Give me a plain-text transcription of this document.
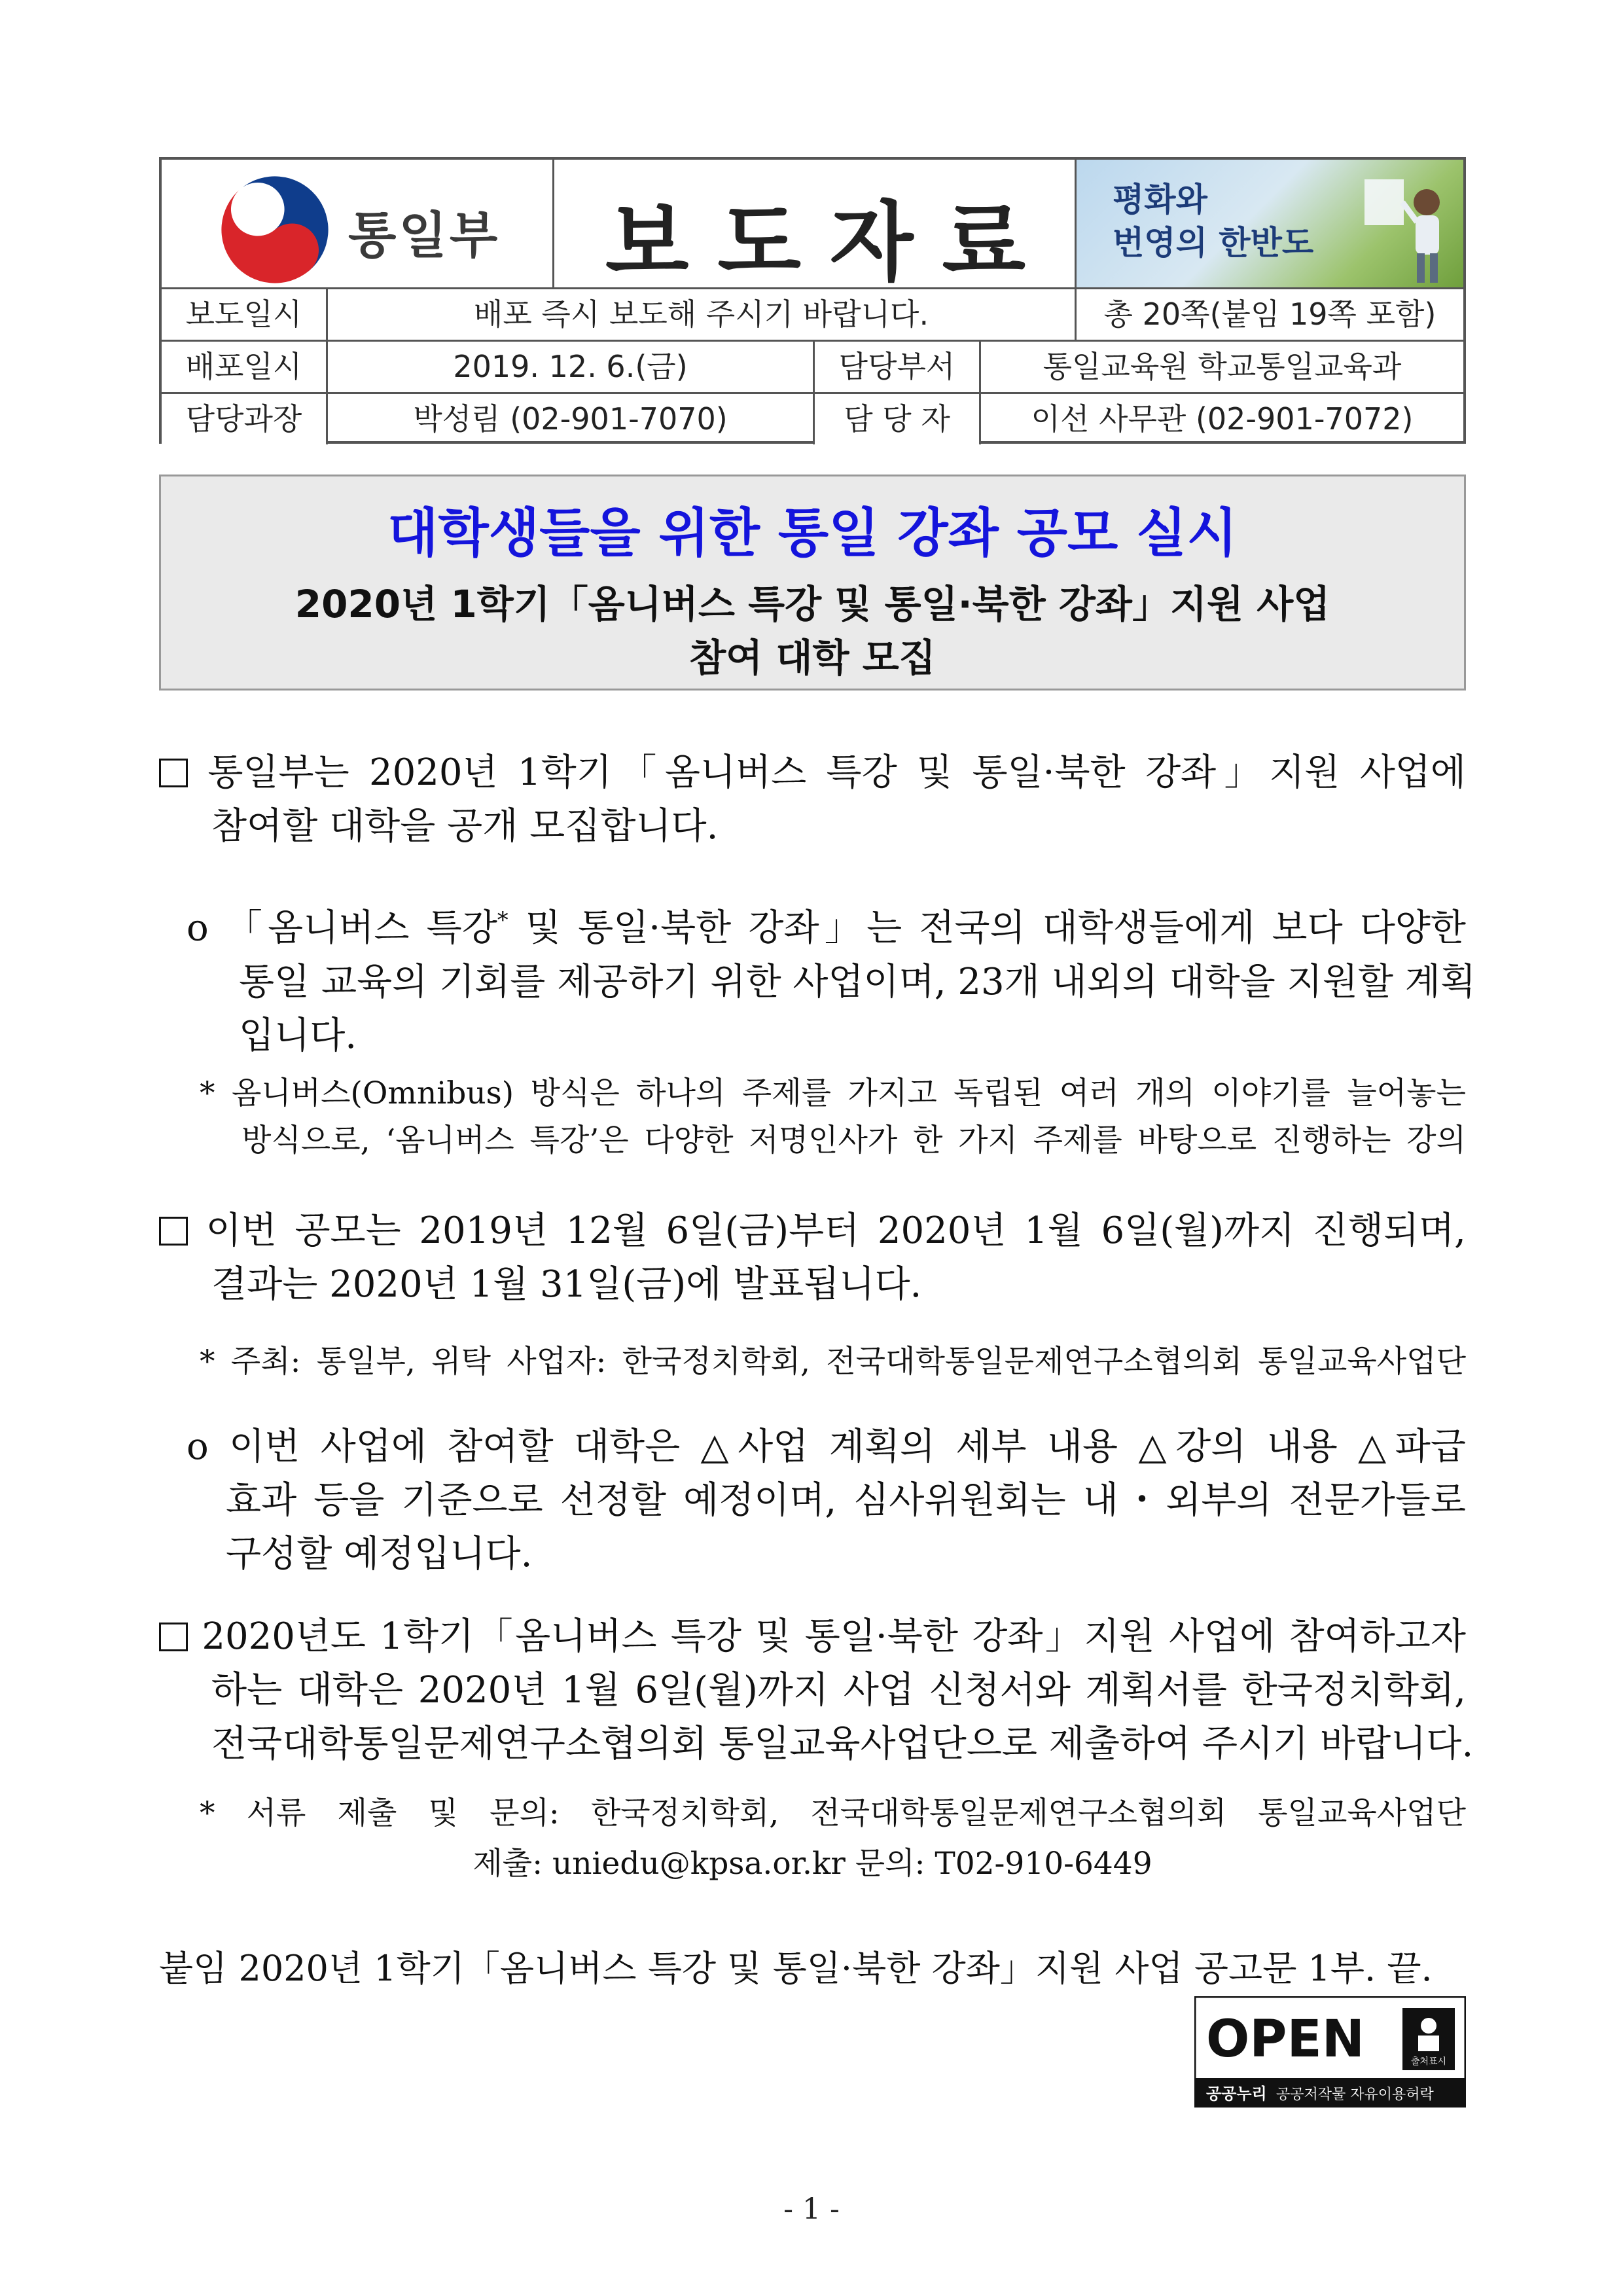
통일부	보도자료	평화와
번영의 한반도
보도일시	배포 즉시 보도해 주시기 바랍니다.	총 20쪽(붙임 19쪽 포함)
배포일시	2019. 12. 6.(금)	담당부서	통일교육원 학교통일교육과
담당과장	박성림 (02-901-7070)	담 당 자	이선 사무관 (02-901-7072)
대학생들을 위한 통일 강좌 공모 실시
2020년 1학기「옴니버스 특강 및 통일·북한 강좌」지원 사업
참여 대학 모집
통일부는 2020년 1학기「옴니버스 특강 및 통일·북한 강좌」지원 사업에
참여할 대학을 공개 모집합니다.
o 「옴니버스 특강* 및 통일·북한 강좌」는 전국의 대학생들에게 보다 다양한
통일 교육의 기회를 제공하기 위한 사업이며, 23개 내외의 대학을 지원할 계획
입니다.
* 옴니버스(Omnibus) 방식은 하나의 주제를 가지고 독립된 여러 개의 이야기를 늘어놓는
방식으로, ‘옴니버스 특강’은 다양한 저명인사가 한 가지 주제를 바탕으로 진행하는 강의
이번 공모는 2019년 12월 6일(금)부터 2020년 1월 6일(월)까지 진행되며,
결과는 2020년 1월 31일(금)에 발표됩니다.
* 주최: 통일부, 위탁 사업자: 한국정치학회, 전국대학통일문제연구소협의회 통일교육사업단
o 이번 사업에 참여할 대학은 △사업 계획의 세부 내용 △강의 내용 △파급
효과 등을 기준으로 선정할 예정이며, 심사위원회는 내・외부의 전문가들로
구성할 예정입니다.
2020년도 1학기「옴니버스 특강 및 통일·북한 강좌」지원 사업에 참여하고자
하는 대학은 2020년 1월 6일(월)까지 사업 신청서와 계획서를 한국정치학회,
전국대학통일문제연구소협의회 통일교육사업단으로 제출하여 주시기 바랍니다.
* 서류 제출 및 문의: 한국정치학회, 전국대학통일문제연구소협의회 통일교육사업단
제출: uniedu@kpsa.or.kr 문의: T02-910-6449
붙임 2020년 1학기「옴니버스 특강 및 통일·북한 강좌」지원 사업 공고문 1부. 끝.
OPEN	출처표시
공공누리 공공저작물 자유이용허락
- 1 -
